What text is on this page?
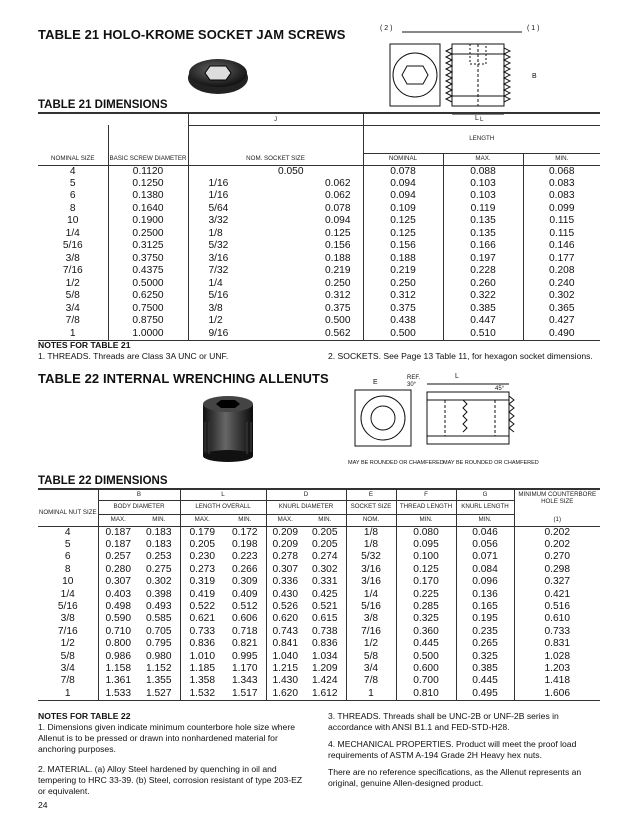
TABLE 21 HOLO-KROME SOCKET JAM SCREWS	( 2 )	( 1 )
L
B
TABLE 21 DIMENSIONS
		J		L		
NOMINAL SIZE	BASIC SCREW DIAMETER	NOM. SOCKET SIZE		LENGTH		
				NOMINAL	MAX.	MIN.
4	0.1120		0.050	0.078	0.088	0.068
5	0.1250	1/16	0.062	0.094	0.103	0.083
6	0.1380	1/16	0.062	0.094	0.103	0.083
8	0.1640	5/64	0.078	0.109	0.119	0.099
10	0.1900	3/32	0.094	0.125	0.135	0.115
1/4	0.2500	1/8	0.125	0.125	0.135	0.115
5/16	0.3125	5/32	0.156	0.156	0.166	0.146
3/8	0.3750	3/16	0.188	0.188	0.197	0.177
7/16	0.4375	7/32	0.219	0.219	0.228	0.208
1/2	0.5000	1/4	0.250	0.250	0.260	0.240
5/8	0.6250	5/16	0.312	0.312	0.322	0.302
3/4	0.7500	3/8	0.375	0.375	0.385	0.365
7/8	0.8750	1/2	0.500	0.438	0.447	0.427
1	1.0000	9/16	0.562	0.500	0.510	0.490
NOTES FOR TABLE 21
1. THREADS. Threads are Class 3A UNC or UNF.	2. SOCKETS. See Page 13 Table 11, for hexagon socket dimensions.
TABLE 22 INTERNAL WRENCHING ALLENUTS	REF.
30°
45°
L
E
MAY BE ROUNDED OR CHAMFERED MAY BE ROUNDED OR CHAMFERED
TABLE 22 DIMENSIONS
	B		L		D		E	F	G	MINIMUM COUNTERBORE HOLE SIZE
NOMINAL NUT SIZE	BODY DIAMETER		LENGTH OVERALL		KNURL DIAMETER		SOCKET SIZE	THREAD LENGTH	KNURL LENGTH	
	MAX.	MIN.	MAX.	MIN.	MAX.	MIN.	NOM.	MIN.	MIN.	(1)
4	0.187	0.183	0.179	0.172	0.209	0.205	1/8	0.080	0.046	0.202
5	0.187	0.183	0.205	0.198	0.209	0.205	1/8	0.095	0.056	0.202
6	0.257	0.253	0.230	0.223	0.278	0.274	5/32	0.100	0.071	0.270
8	0.280	0.275	0.273	0.266	0.307	0.302	3/16	0.125	0.084	0.298
10	0.307	0.302	0.319	0.309	0.336	0.331	3/16	0.170	0.096	0.327
1/4	0.403	0.398	0.419	0.409	0.430	0.425	1/4	0.225	0.136	0.421
5/16	0.498	0.493	0.522	0.512	0.526	0.521	5/16	0.285	0.165	0.516
3/8	0.590	0.585	0.621	0.606	0.620	0.615	3/8	0.325	0.195	0.610
7/16	0.710	0.705	0.733	0.718	0.743	0.738	7/16	0.360	0.235	0.733
1/2	0.800	0.795	0.836	0.821	0.841	0.836	1/2	0.445	0.265	0.831
5/8	0.986	0.980	1.010	0.995	1.040	1.034	5/8	0.500	0.325	1.028
3/4	1.158	1.152	1.185	1.170	1.215	1.209	3/4	0.600	0.385	1.203
7/8	1.361	1.355	1.358	1.343	1.430	1.424	7/8	0.700	0.445	1.418
1	1.533	1.527	1.532	1.517	1.620	1.612	1	0.810	0.495	1.606
NOTES FOR TABLE 22
1. Dimensions given indicate minimum counterbore hole size where Allenut is to be pressed or drawn into nonhardened material for anchoring purposes.
2. MATERIAL. (a) Alloy Steel hardened by quenching in oil and tempering to HRC 33-39. (b) Steel, corrosion resistant of type 203-EZ or equivalent.
3. THREADS. Threads shall be UNC-2B or UNF-2B series in accordance with ANSI B1.1 and FED-STD-H28.
4. MECHANICAL PROPERTIES. Product will meet the proof load requirements of ASTM A-194 Grade 2H Heavy hex nuts.
There are no reference specifications, as the Allenut represents an original, genuine Allen-designed product.
24
